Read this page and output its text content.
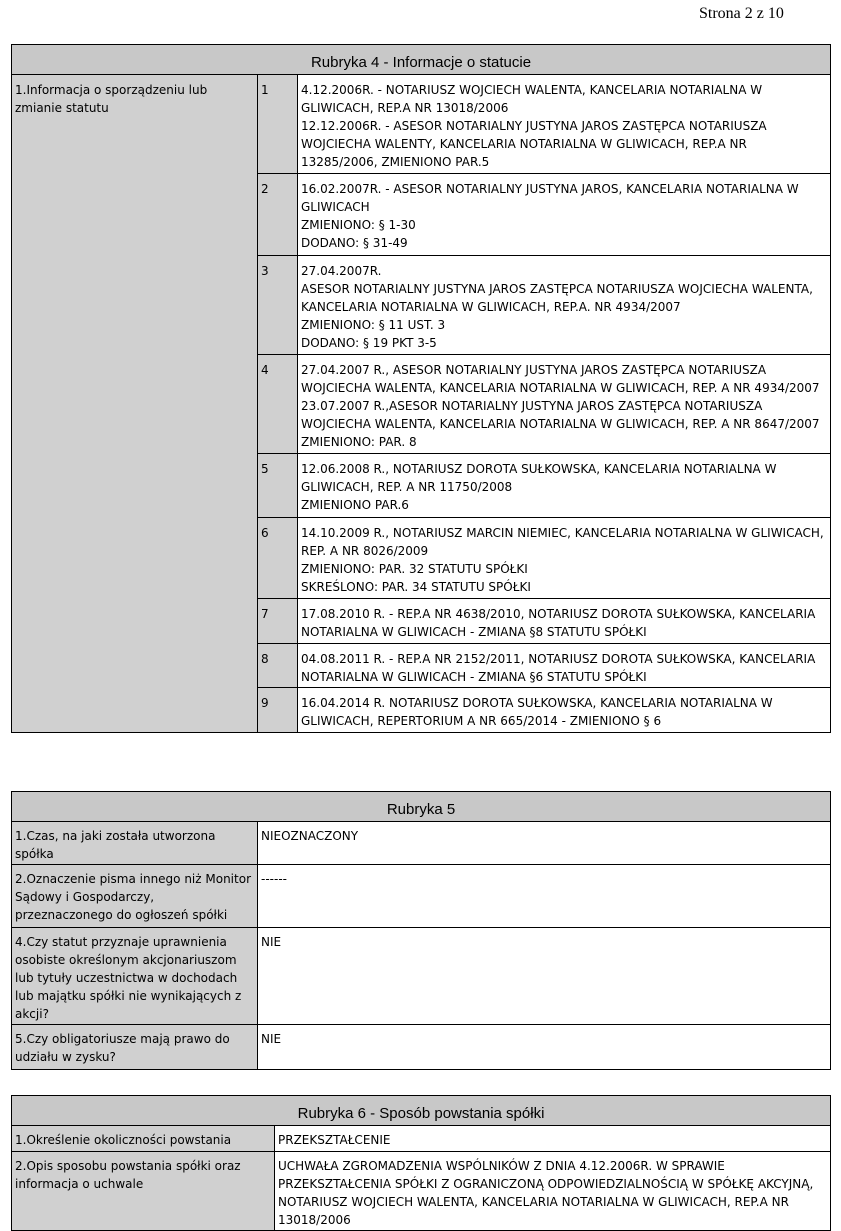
Strona 2 z 10
Rubryka 4 - Informacje o statucie		
1.Informacja o sporządzeniu lub zmianie statutu	1	4.12.2006R. - NOTARIUSZ WOJCIECH WALENTA, KANCELARIA NOTARIALNA W GLIWICACH, REP.A NR 13018/2006
12.12.2006R. - ASESOR NOTARIALNY JUSTYNA JAROS ZASTĘPCA NOTARIUSZA WOJCIECHA WALENTY, KANCELARIA NOTARIALNA W GLIWICACH, REP.A NR 13285/2006, ZMIENIONO PAR.5

	2	16.02.2007R. - ASESOR NOTARIALNY JUSTYNA JAROS, KANCELARIA NOTARIALNA W GLIWICACH
ZMIENIONO: § 1-30
DODANO: § 31-49

	3	27.04.2007R.
ASESOR NOTARIALNY JUSTYNA JAROS ZASTĘPCA NOTARIUSZA WOJCIECHA WALENTA, KANCELARIA NOTARIALNA W GLIWICACH, REP.A. NR 4934/2007
ZMIENIONO: § 11 UST. 3
DODANO: § 19 PKT 3-5

	4	27.04.2007 R., ASESOR NOTARIALNY JUSTYNA JAROS ZASTĘPCA NOTARIUSZA WOJCIECHA WALENTA, KANCELARIA NOTARIALNA W GLIWICACH, REP. A NR 4934/2007
23.07.2007 R.,ASESOR NOTARIALNY JUSTYNA JAROS ZASTĘPCA NOTARIUSZA WOJCIECHA WALENTA, KANCELARIA NOTARIALNA W GLIWICACH, REP. A NR 8647/2007
ZMIENIONO: PAR. 8

	5	12.06.2008 R., NOTARIUSZ DOROTA SUŁKOWSKA, KANCELARIA NOTARIALNA W GLIWICACH, REP. A NR 11750/2008
ZMIENIONO PAR.6

	6	14.10.2009 R., NOTARIUSZ MARCIN NIEMIEC, KANCELARIA NOTARIALNA W GLIWICACH, REP. A NR 8026/2009
ZMIENIONO: PAR. 32 STATUTU SPÓŁKI
SKREŚLONO: PAR. 34 STATUTU SPÓŁKI

	7	17.08.2010 R. - REP.A NR 4638/2010, NOTARIUSZ DOROTA SUŁKOWSKA, KANCELARIA NOTARIALNA W GLIWICACH - ZMIANA §8 STATUTU SPÓŁKI

	8	04.08.2011 R. - REP.A NR 2152/2011, NOTARIUSZ DOROTA SUŁKOWSKA, KANCELARIA NOTARIALNA W GLIWICACH - ZMIANA §6 STATUTU SPÓŁKI

	9	16.04.2014 R. NOTARIUSZ DOROTA SUŁKOWSKA, KANCELARIA NOTARIALNA W GLIWICACH, REPERTORIUM A NR 665/2014 - ZMIENIONO § 6
Rubryka 5	
1.Czas, na jaki została utworzona spółka	NIEOZNACZONY
2.Oznaczenie pisma innego niż Monitor Sądowy i Gospodarczy, przeznaczonego do ogłoszeń spółki	------
4.Czy statut przyznaje uprawnienia osobiste określonym akcjonariuszom lub tytuły uczestnictwa w dochodach lub majątku spółki nie wynikających z akcji?	NIE
5.Czy obligatoriusze mają prawo do udziału w zysku?	NIE
Rubryka 6 - Sposób powstania spółki	
1.Określenie okoliczności powstania	PRZEKSZTAŁCENIE
2.Opis sposobu powstania spółki oraz informacja o uchwale	UCHWAŁA ZGROMADZENIA WSPÓLNIKÓW Z DNIA 4.12.2006R. W SPRAWIE PRZEKSZTAŁCENIA SPÓŁKI Z OGRANICZONĄ ODPOWIEDZIALNOŚCIĄ W SPÓŁKĘ AKCYJNĄ, NOTARIUSZ WOJCIECH WALENTA, KANCELARIA NOTARIALNA W GLIWICACH, REP.A NR 13018/2006
